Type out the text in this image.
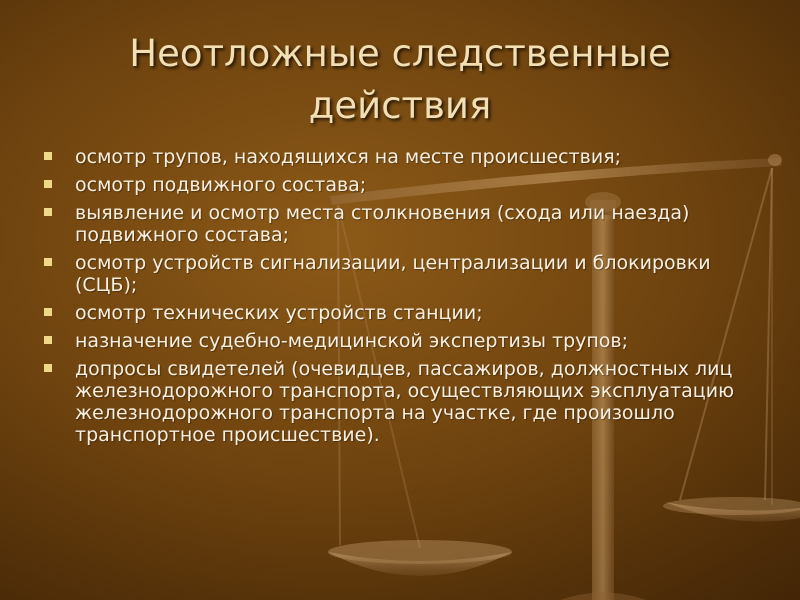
Неотложные следственные действия
осмотр трупов, находящихся на месте происшествия;
осмотр подвижного состава;
выявление и осмотр места столкновения (схода или наезда) подвижного состава;
осмотр устройств сигнализации, централизации и блокировки (СЦБ);
осмотр технических устройств станции;
назначение судебно-медицинской экспертизы трупов;
допросы свидетелей (очевидцев, пассажиров, должностных лиц железнодорожного транспорта, осуществляющих эксплуатацию железнодорожного транспорта на участке, где произошло транспортное происшествие).
